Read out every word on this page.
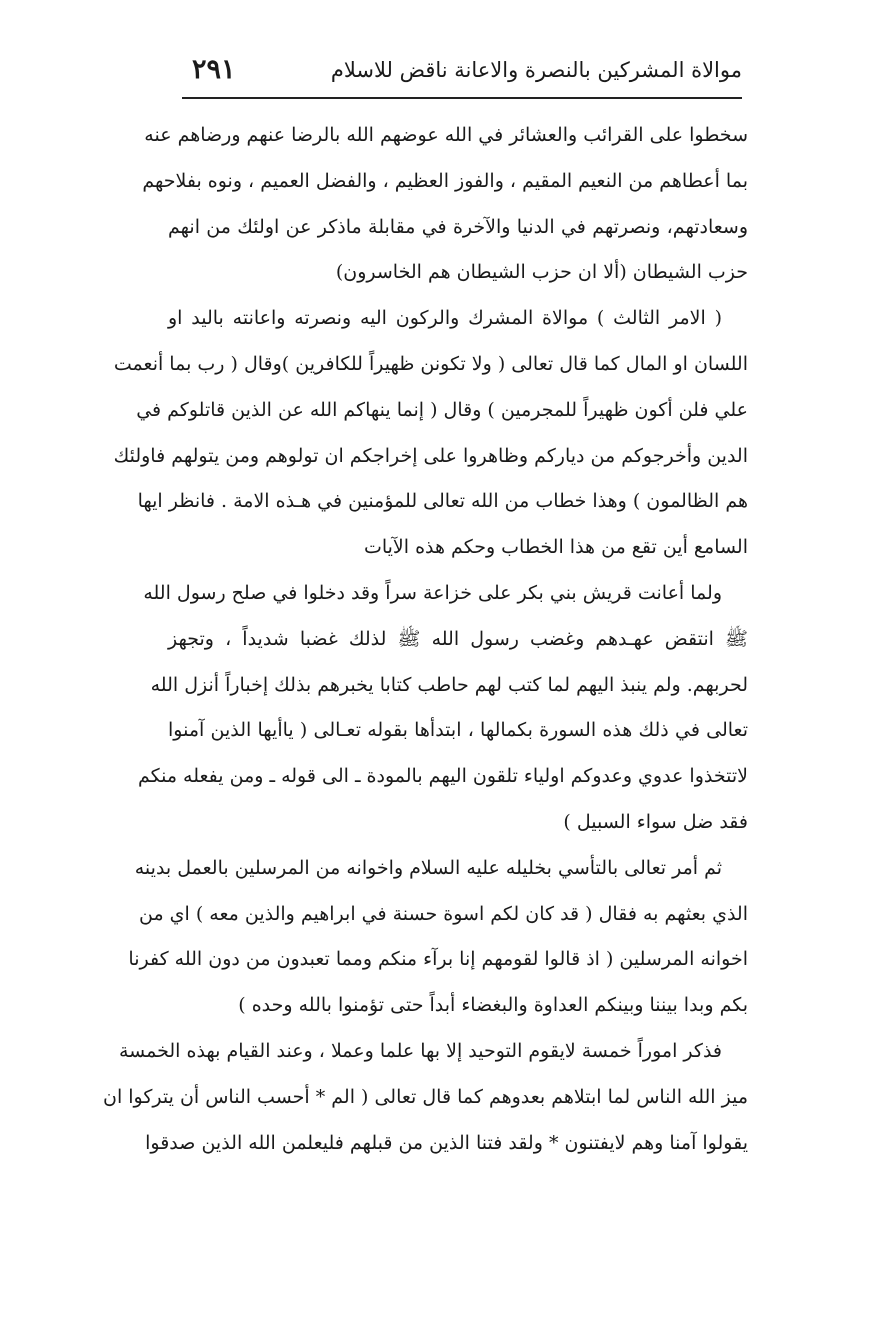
موالاة المشركين بالنصرة والاعانة ناقض للاسلام
٢٩١
سخطوا على القرائب والعشائر في الله عوضهم الله بالرضا عنهم ورضاهم عنه
بما أعطاهم من النعيم المقيم ، والفوز العظيم ، والفضل العميم ، ونوه بفلاحهم
وسعادتهم، ونصرتهم في الدنيا والآخرة في مقابلة ماذكر عن اولئك من انهم
حزب الشيطان (ألا ان حزب الشيطان هم الخاسرون)
( الامر الثالث ) موالاة المشرك والركون اليه ونصرته واعانته باليد او
اللسان او المال كما قال تعالى ( ولا تكونن ظهيراً للكافرين )وقال ( رب بما أنعمت
علي فلن أكون ظهيراً للمجرمين ) وقال ( إنما ينهاكم الله عن الذين قاتلوكم في
الدين وأخرجوكم من دياركم وظاهروا على إخراجكم ان تولوهم ومن يتولهم فاولئك
هم الظالمون ) وهذا خطاب من الله تعالى للمؤمنين في هـذه الامة . فانظر ايها
السامع أين تقع من هذا الخطاب وحكم هذه الآيات
ولما أعانت قريش بني بكر على خزاعة سراً وقد دخلوا في صلح رسول الله
ﷺ انتقض عهـدهم وغضب رسول الله ﷺ لذلك غضبا شديداً ، وتجهز
لحربهم. ولم ينبذ اليهم لما كتب لهم حاطب كتابا يخبرهم بذلك إخباراً أنزل الله
تعالى في ذلك هذه السورة بكمالها ، ابتدأها بقوله تعـالى ( ياأيها الذين آمنوا
لاتتخذوا عدوي وعدوكم اولياء تلقون اليهم بالمودة ـ الى قوله ـ ومن يفعله منكم
فقد ضل سواء السبيل )
ثم أمر تعالى بالتأسي بخليله عليه السلام واخوانه من المرسلين بالعمل بدينه
الذي بعثهم به فقال ( قد كان لكم اسوة حسنة في ابراهيم والذين معه ) اي من
اخوانه المرسلين ( اذ قالوا لقومهم إنا برآء منكم ومما تعبدون من دون الله كفرنا
بكم وبدا بيننا وبينكم العداوة والبغضاء أبداً حتى تؤمنوا بالله وحده )
فذكر اموراً خمسة لايقوم التوحيد إلا بها علما وعملا ، وعند القيام بهذه الخمسة
ميز الله الناس لما ابتلاهم بعدوهم كما قال تعالى ( الم * أحسب الناس أن يتركوا ان
يقولوا آمنا وهم لايفتنون * ولقد فتنا الذين من قبلهم فليعلمن الله الذين صدقوا
